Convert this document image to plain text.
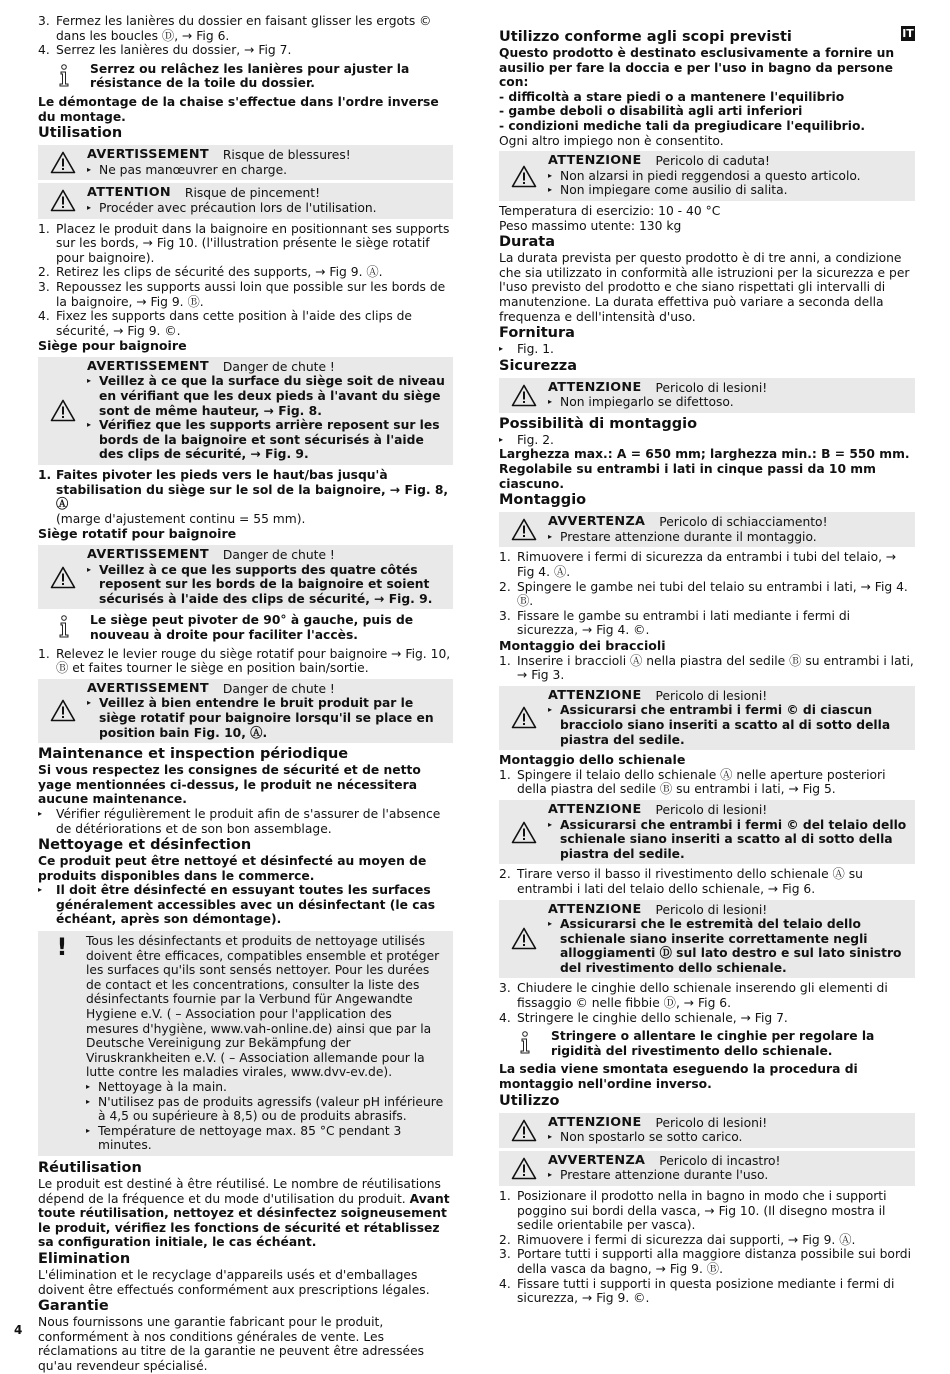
IT
3. Fermez les lanières du dossier en faisant glisser les ergots © dans les boucles Ⓓ, → Fig 6.
4. Serrez les lanières du dossier, → Fig 7.
Serrez ou relâchez les lanières pour ajuster la résistance de la toile du dossier.

Le démontage de la chaise s'effectue dans l'ordre inverse du montage.

Utilisation
AVERTISSEMENT Risque de blessures!
▸ Ne pas manœuvrer en charge.
ATTENTION Risque de pincement!
▸ Procéder avec précaution lors de l'utilisation.
1. Placez le produit dans la baignoire en positionnant ses supports sur les bords, → Fig 10. (l'illustration présente le siège rotatif pour baignoire).
2. Retirez les clips de sécurité des supports, → Fig 9. Ⓐ.
3. Repoussez les supports aussi loin que possible sur les bords de la baignoire, → Fig 9. Ⓑ.
4. Fixez les supports dans cette position à l'aide des clips de sécurité, → Fig 9. ©.
Siège pour baignoire
AVERTISSEMENT Danger de chute !
▸ Veillez à ce que la surface du siège soit de niveau en vérifiant que les deux pieds à l'avant du siège sont de même hauteur, → Fig. 8.
▸ Vérifiez que les supports arrière reposent sur les bords de la baignoire et sont sécurisés à l'aide des clips de sécurité, → Fig. 9.
1. Faites pivoter les pieds vers le haut/bas jusqu'à stabilisation du siège sur le sol de la baignoire, → Fig. 8, Ⓐ
(marge d'ajustement continu = 55 mm).
Siège rotatif pour baignoire
AVERTISSEMENT Danger de chute !
▸ Veillez à ce que les supports des quatre côtés reposent sur les bords de la baignoire et soient sécurisés à l'aide des clips de sécurité, → Fig. 9.
Le siège peut pivoter de 90° à gauche, puis de nouveau à droite pour faciliter l'accès.
1. Relevez le levier rouge du siège rotatif pour baignoire → Fig. 10, Ⓑ et faites tourner le siège en position bain/sortie.
AVERTISSEMENT Danger de chute !
▸ Veillez à bien entendre le bruit produit par le siège rotatif pour baignoire lorsqu'il se place en position bain Fig. 10, Ⓐ.
Maintenance et inspection périodique

Si vous respectez les consignes de sécurité et de netto yage mentionnées ci-dessus, le produit ne nécessitera aucune maintenance.

▸	Vérifier régulièrement le produit afin de s'assurer de l'absence de détériorations et de son bon assemblage.
Nettoyage et désinfection

Ce produit peut être nettoyé et désinfecté au moyen de produits disponibles dans le commerce.

▸	Il doit être désinfecté en essuyant toutes les surfaces généralement accessibles avec un désinfectant (le cas échéant, après son démontage).
!	Tous les désinfectants et produits de nettoyage utilisés doivent être efficaces, compatibles ensemble et protéger les surfaces qu'ils sont sensés nettoyer. Pour les durées de contact et les concentrations, consulter la liste des désinfectants fournie par la Verbund für Angewandte Hygiene e.V. ( – Association pour l'application des mesures d'hygiène, www.vah-online.de) ainsi que par la Deutsche Vereinigung zur Bekämpfung der Viruskrankheiten e.V. ( – Association allemande pour la lutte contre les maladies virales, www.dvv-ev.de).

▸ Nettoyage à la main.
▸ N'utilisez pas de produits agressifs (valeur pH inférieure à 4,5 ou supérieure à 8,5) ou de produits abrasifs.
▸ Température de nettoyage max. 85 °C pendant 3 minutes.
Réutilisation

Le produit est destiné à être réutilisé. Le nombre de réutilisations dépend de la fréquence et du mode d'utilisation du produit. Avant toute réutilisation, nettoyez et désinfectez soigneusement le produit, vérifiez les fonctions de sécurité et rétablissez sa configuration initiale, le cas échéant.

Elimination

L'élimination et le recyclage d'appareils usés et d'emballages doivent être effectués conformément aux prescriptions légales.

Garantie

Nous fournissons une garantie fabricant pour le produit, conformément à nos conditions générales de vente. Les réclamations au titre de la garantie ne peuvent être adressées qu'au revendeur spécialisé.

Utilizzo conforme agli scopi previsti

Questo prodotto è destinato esclusivamente a fornire un ausilio per fare la doccia e per l'uso in bagno da persone con:

- difficoltà a stare piedi o a mantenere l'equilibrio

- gambe deboli o disabilità agli arti inferiori

- condizioni mediche tali da pregiudicare l'equilibrio.

Ogni altro impiego non è consentito.

ATTENZIONE Pericolo di caduta!
▸ Non alzarsi in piedi reggendosi a questo articolo.
▸ Non impiegare come ausilio di salita.

Temperatura di esercizio: 10 - 40 °C

Peso massimo utente: 130 kg

Durata

La durata prevista per questo prodotto è di tre anni, a condizione che sia utilizzato in conformità alle istruzioni per la sicurezza e per l'uso previsto del prodotto e che siano rispettati gli intervalli di manutenzione. La durata effettiva può variare a seconda della frequenza e dell'intensità d'uso.

Fornitura
▸	Fig. 1.
Sicurezza
ATTENZIONE Pericolo di lesioni!
▸ Non impiegarlo se difettoso.
Possibilità di montaggio
▸	Fig. 2.

Larghezza max.: A = 650 mm; larghezza min.: B = 550 mm.

Regolabile su entrambi i lati in cinque passi da 10 mm ciascuno.

Montaggio
AVVERTENZA Pericolo di schiacciamento!
▸ Prestare attenzione durante il montaggio.
1. Rimuovere i fermi di sicurezza da entrambi i tubi del telaio, → Fig 4. Ⓐ.
2. Spingere le gambe nei tubi del telaio su entrambi i lati, → Fig 4. Ⓑ.
3. Fissare le gambe su entrambi i lati mediante i fermi di sicurezza, → Fig 4. ©.
Montaggio dei braccioli
1. Inserire i braccioli Ⓐ nella piastra del sedile Ⓑ su entrambi i lati, → Fig 3.
ATTENZIONE Pericolo di lesioni!
▸ Assicurarsi che entrambi i fermi © di ciascun bracciolo siano inseriti a scatto al di sotto della piastra del sedile.
Montaggio dello schienale
1. Spingere il telaio dello schienale Ⓐ nelle aperture posteriori della piastra del sedile Ⓑ su entrambi i lati, → Fig 5.
ATTENZIONE Pericolo di lesioni!
▸ Assicurarsi che entrambi i fermi © del telaio dello schienale siano inseriti a scatto al di sotto della piastra del sedile.
2. Tirare verso il basso il rivestimento dello schienale Ⓐ su entrambi i lati del telaio dello schienale, → Fig 6.
ATTENZIONE Pericolo di lesioni!
▸ Assicurarsi che le estremità del telaio dello schienale siano inserite correttamente negli alloggiamenti Ⓓ sul lato destro e sul lato sinistro del rivestimento dello schienale.
3. Chiudere le cinghie dello schienale inserendo gli elementi di fissaggio © nelle fibbie Ⓓ, → Fig 6.
4. Stringere le cinghie dello schienale, → Fig 7.
Stringere o allentare le cinghie per regolare la rigidità del rivestimento dello schienale.

La sedia viene smontata eseguendo la procedura di montaggio nell'ordine inverso.

Utilizzo
ATTENZIONE Pericolo di lesioni!
▸ Non spostarlo se sotto carico.
AVVERTENZA Pericolo di incastro!
▸ Prestare attenzione durante l'uso.
1. Posizionare il prodotto nella in bagno in modo che i supporti poggino sui bordi della vasca, → Fig 10. (Il disegno mostra il sedile orientabile per vasca).
2. Rimuovere i fermi di sicurezza dai supporti, → Fig 9. Ⓐ.
3. Portare tutti i supporti alla maggiore distanza possibile sui bordi della vasca da bagno, → Fig 9. Ⓑ.
4. Fissare tutti i supporti in questa posizione mediante i fermi di sicurezza, → Fig 9. ©.
4
